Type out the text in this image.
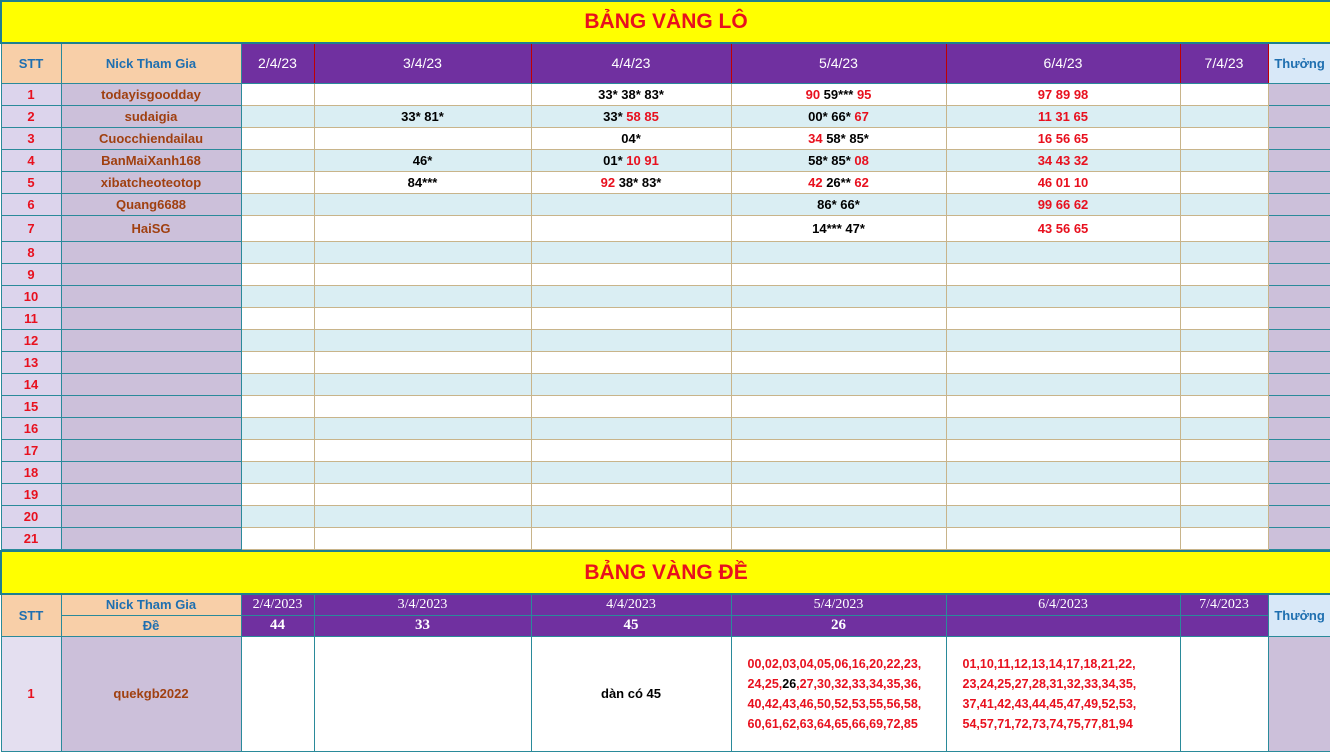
BẢNG VÀNG LÔ								
STT	Nick Tham Gia	2/4/23	3/4/23	4/4/23	5/4/23	6/4/23	7/4/23	Thưởng
1	todayisgoodday			33* 38* 83*	90 59*** 95	97 89 98		
2	sudaigia		33* 81*	33* 58 85	00* 66* 67	11 31 65		
3	Cuocchiendailau			04*	34 58* 85*	16 56 65		
4	BanMaiXanh168		46*	01* 10 91	58* 85* 08	34 43 32		
5	xibatcheoteotop		84***	92 38* 83*	42 26** 62	46 01 10		
6	Quang6688				86* 66*	99 66 62		
7	HaiSG				14*** 47*	43 56 65		
8								
9								
10								
11								
12								
13								
14								
15								
16								
17								
18								
19								
20								
21								
BẢNG VÀNG ĐỀ								
STT	Nick Tham Gia	2/4/2023	3/4/2023	4/4/2023	5/4/2023	6/4/2023	7/4/2023	Thưởng
	Đề	44	33	45	26			
1	quekgb2022			dàn có 45	00,02,03,04,05,06,16,20,22,23, 24,25,26,27,30,32,33,34,35,36, 40,42,43,46,50,52,53,55,56,58, 60,61,62,63,64,65,66,69,72,85	01,10,11,12,13,14,17,18,21,22, 23,24,25,27,28,31,32,33,34,35, 37,41,42,43,44,45,47,49,52,53, 54,57,71,72,73,74,75,77,81,94		
